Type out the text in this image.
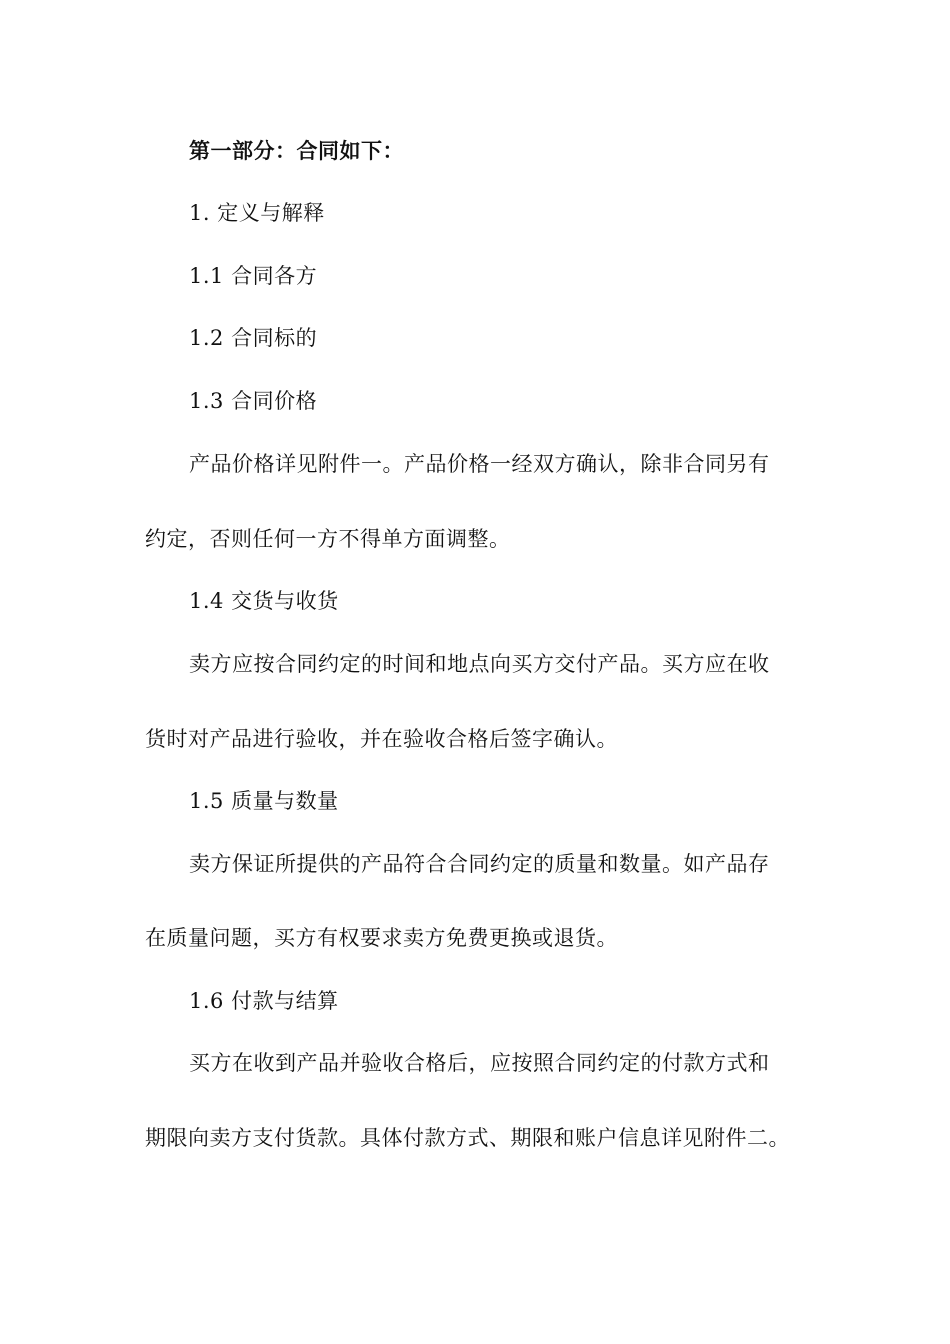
第一部分：合同如下：
1. 定义与解释
1.1 合同各方
1.2 合同标的
1.3 合同价格
产品价格详见附件一。产品价格一经双方确认，除非合同另有
约定，否则任何一方不得单方面调整。
1.4 交货与收货
卖方应按合同约定的时间和地点向买方交付产品。买方应在收
货时对产品进行验收，并在验收合格后签字确认。
1.5 质量与数量
卖方保证所提供的产品符合合同约定的质量和数量。如产品存
在质量问题，买方有权要求卖方免费更换或退货。
1.6 付款与结算
买方在收到产品并验收合格后，应按照合同约定的付款方式和
期限向卖方支付货款。具体付款方式、期限和账户信息详见附件二。
